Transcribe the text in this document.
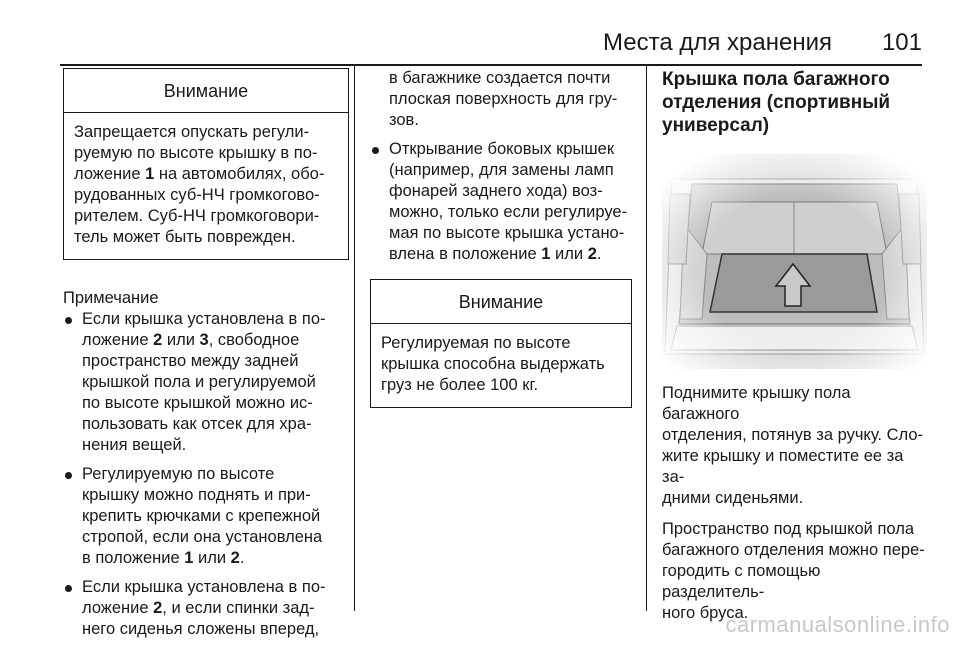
Места для хранения 101
Внимание
Запрещается опускать регули-
руемую по высоте крышку в по-
ложение 1 на автомобилях, обо-
рудованных суб-НЧ громкогово-
рителем. Суб-НЧ громкоговори-
тель может быть поврежден.
Примечание
Если крышка установлена в по-
ложение 2 или 3, свободное
пространство между задней
крышкой пола и регулируемой
по высоте крышкой можно ис-
пользовать как отсек для хра-
нения вещей.
Регулируемую по высоте
крышку можно поднять и при-
крепить крючками с крепежной
стропой, если она установлена
в положение 1 или 2.
Если крышка установлена в по-
ложение 2, и если спинки зад-
него сиденья сложены вперед,
в багажнике создается почти
плоская поверхность для гру-
зов.
Открывание боковых крышек
(например, для замены ламп
фонарей заднего хода) воз-
можно, только если регулируе-
мая по высоте крышка устано-
влена в положение 1 или 2.
Внимание
Регулируемая по высоте
крышка способна выдержать
груз не более 100 кг.
Крышка пола багажного
отделения (спортивный
универсал)
Поднимите крышку пола багажного
отделения, потянув за ручку. Сло-
жите крышку и поместите ее за за-
дними сиденьями.
Пространство под крышкой пола
багажного отделения можно пере-
городить с помощью разделитель-
ного бруса.
carmanualsonline.info
